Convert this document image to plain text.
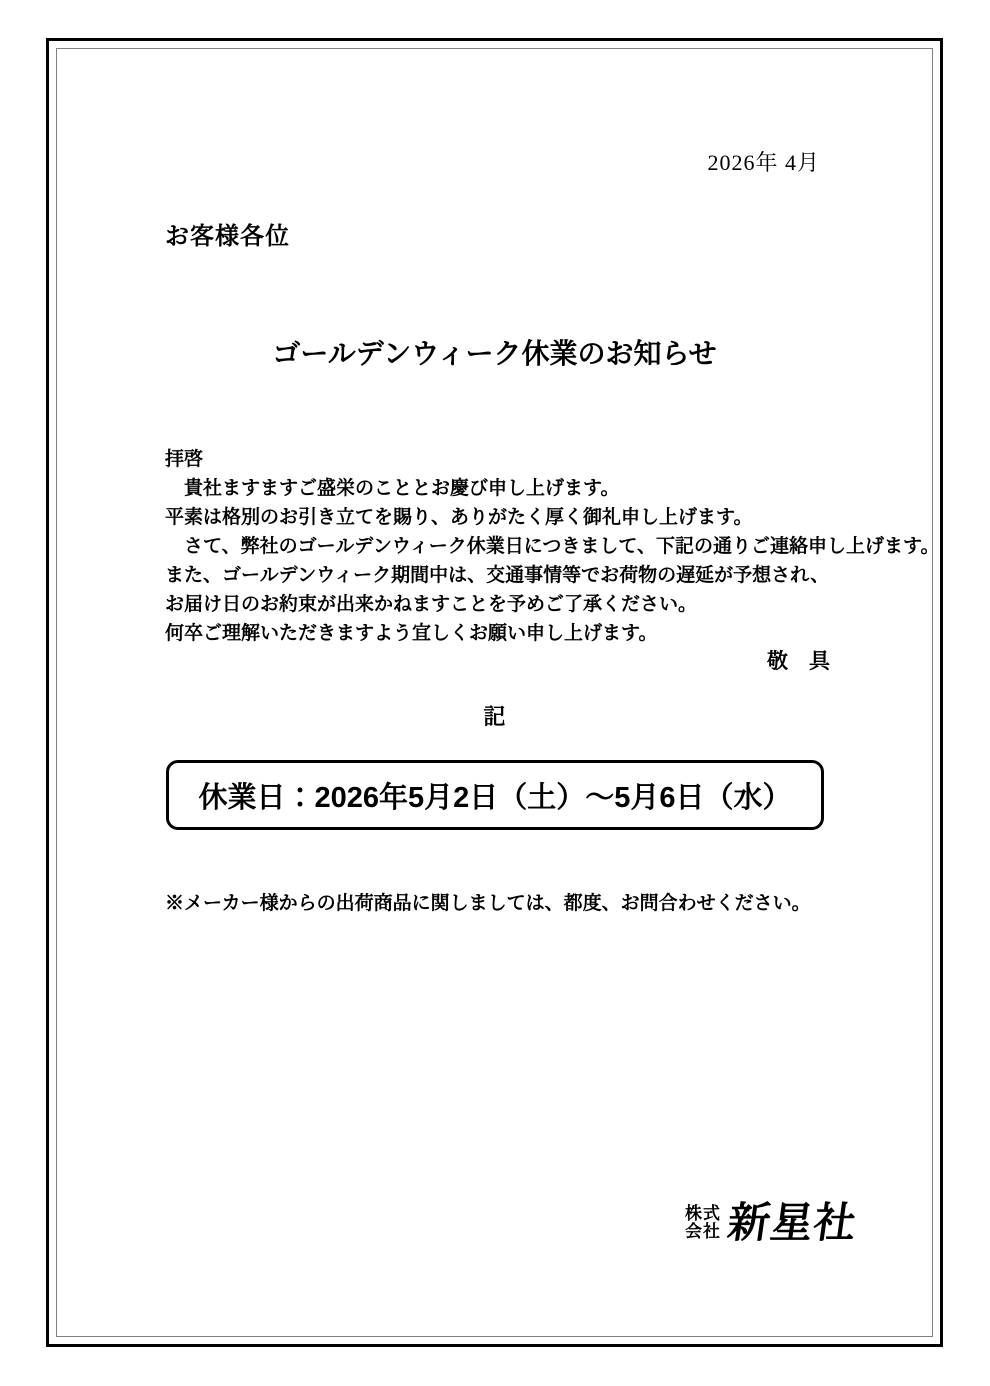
2026年 4月
お客様各位
ゴールデンウィーク休業のお知らせ
拝啓
　貴社ますますご盛栄のこととお慶び申し上げます。
平素は格別のお引き立てを賜り、ありがたく厚く御礼申し上げます。
　さて、弊社のゴールデンウィーク休業日につきまして、下記の通りご連絡申し上げます。
また、ゴールデンウィーク期間中は、交通事情等でお荷物の遅延が予想され、
お届け日のお約束が出来かねますことを予めご了承ください。
何卒ご理解いただきますよう宜しくお願い申し上げます。
敬　具
記
休業日：2026年5月2日（土）～5月6日（水）
※メーカー様からの出荷商品に関しましては、都度、お問合わせください。
株式
会社 新星社
